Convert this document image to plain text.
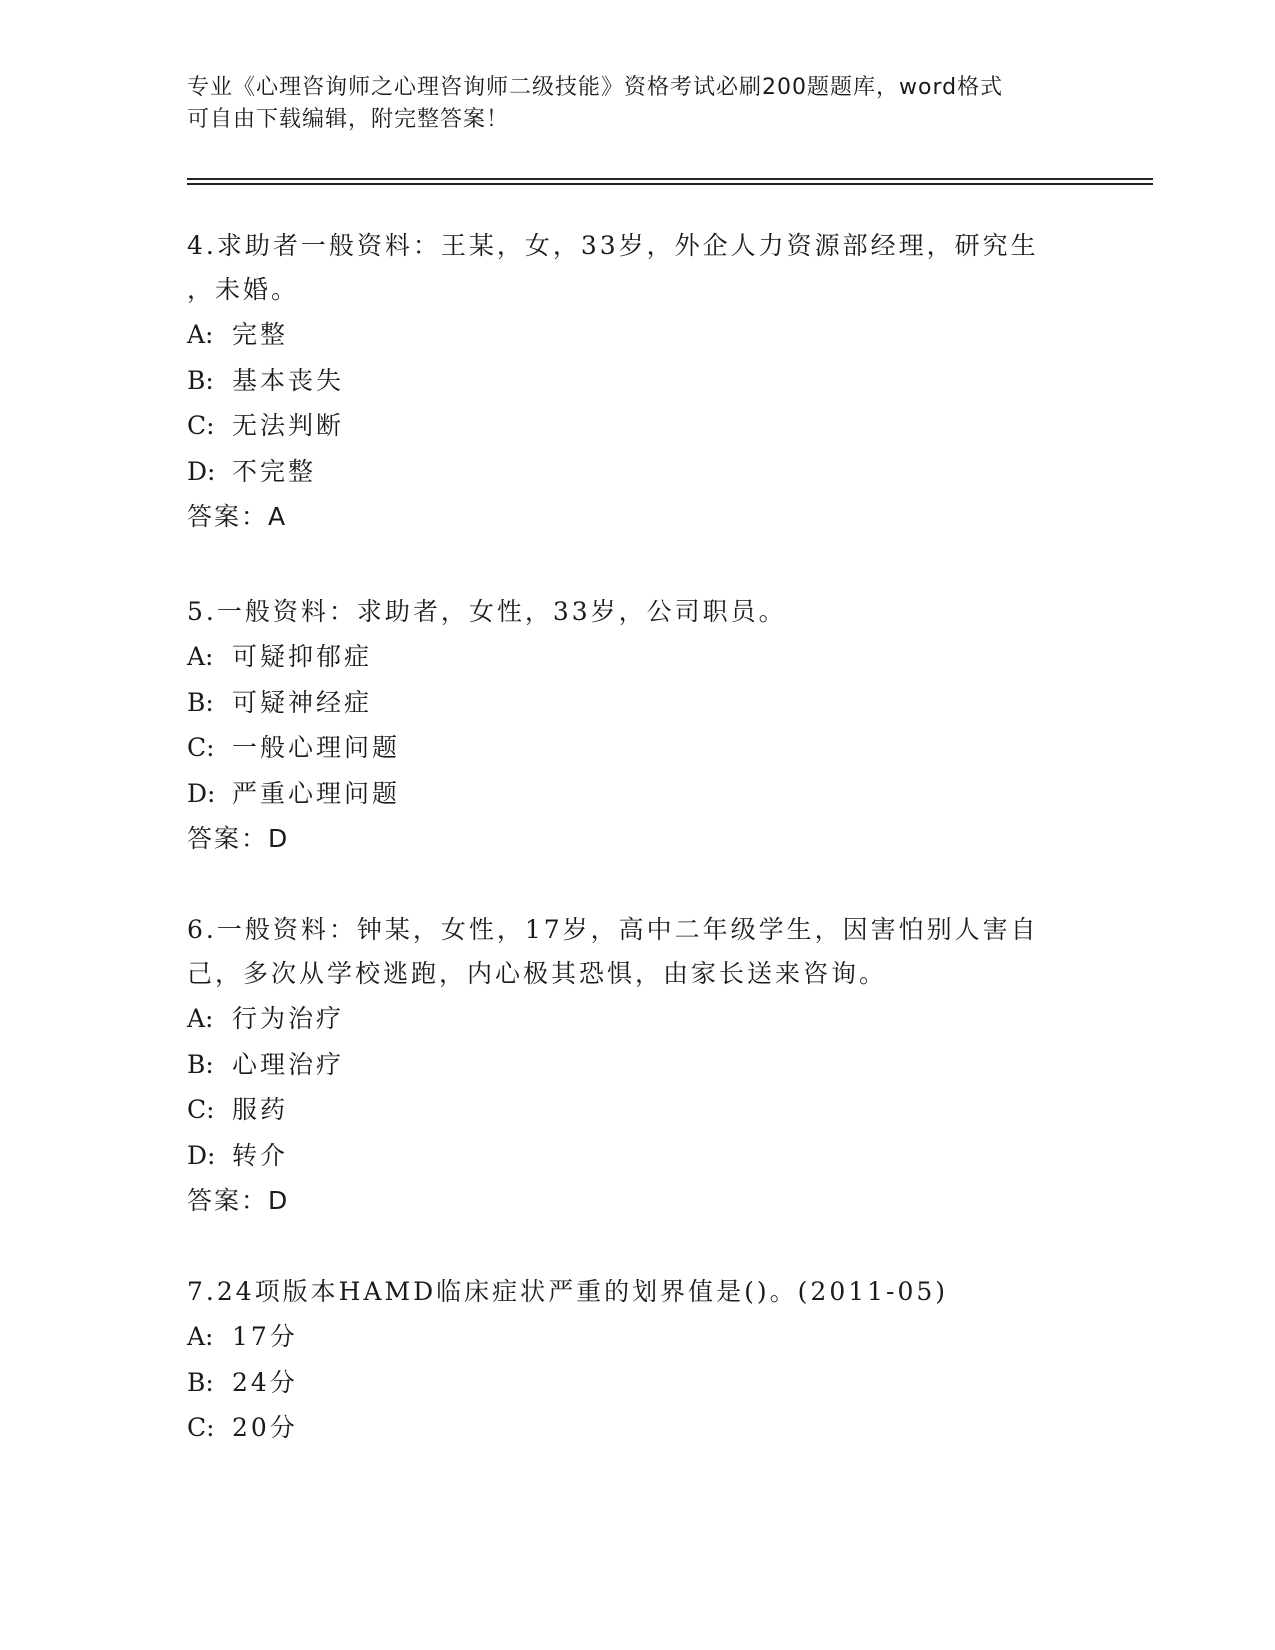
专业《心理咨询师之心理咨询师二级技能》资格考试必刷200题题库，word格式
可自由下载编辑，附完整答案！
4.求助者一般资料：王某，女，33岁，外企人力资源部经理，研究生
，未婚。
A: 完整
B: 基本丧失
C: 无法判断
D: 不完整
答案：A
5.一般资料：求助者，女性，33岁，公司职员。
A: 可疑抑郁症
B: 可疑神经症
C: 一般心理问题
D: 严重心理问题
答案：D
6.一般资料：钟某，女性，17岁，高中二年级学生，因害怕别人害自
己，多次从学校逃跑，内心极其恐惧，由家长送来咨询。
A: 行为治疗
B: 心理治疗
C: 服药
D: 转介
答案：D
7.24项版本HAMD临床症状严重的划界值是()。(2011-05)
A: 17分
B: 24分
C: 20分
